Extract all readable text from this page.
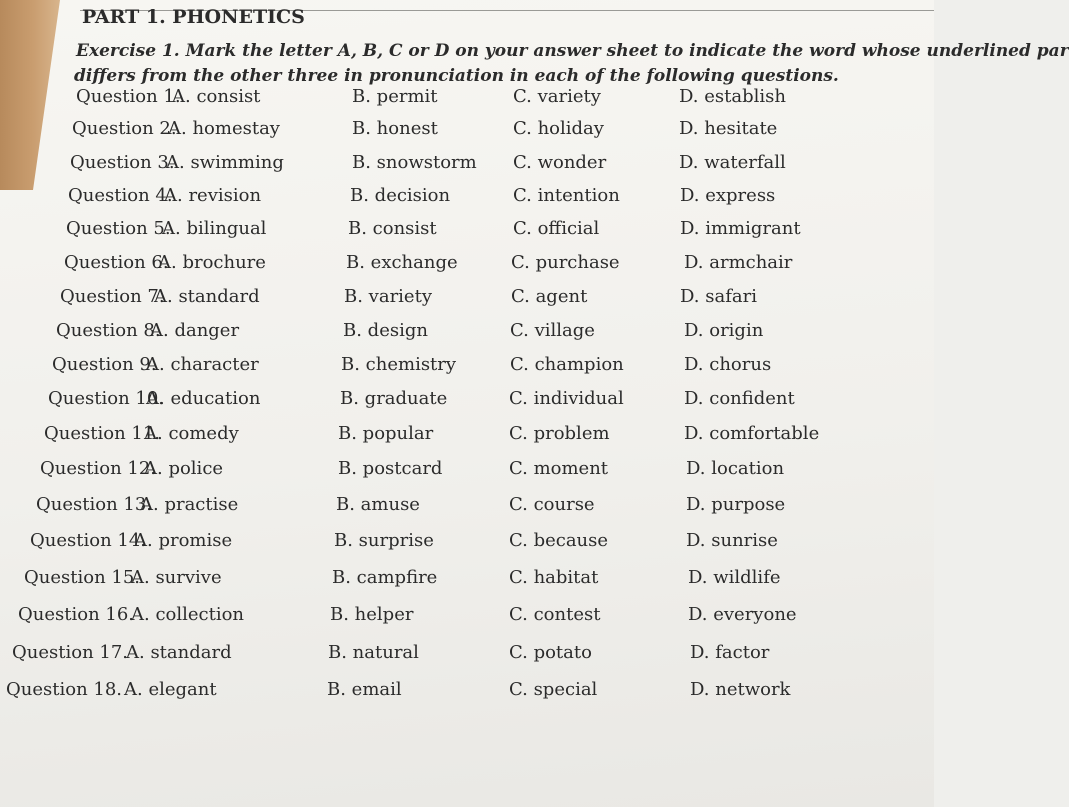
PART 1. PHONETICS
Exercise 1. Mark the letter A, B, C or D on your answer sheet to indicate the word whose underlined par
differs from the other three in pronunciation in each of the following questions.
Question 1.
A. consist	B. permit	C. variety	D. establish
Question 2.
A. homestay	B. honest	C. holiday	D. hesitate
Question 3.
A. swimming	B. snowstorm C. wonder	D. waterfall
Question 4.
A. revision	B. decision	C. intention	D. express
Question 5.
A. bilingual	B. consist	C. official	D. immigrant
Question 6.
A. brochure	B. exchange	C. purchase	D. armchair
Question 7.
A. standard	B. variety	C. agent	D. safari
Question 8.
A. danger	B. design	C. village	D. origin
Question 9.
A. character	B. chemistry	C. champion	D. chorus
Question 10.
A. education	B. graduate	C. individual	D. confident
Question 11.
A. comedy	B. popular	C. problem	D. comfortable
Question 12.
A. police	B. postcard	C. moment	D. location
Question 13.
A. practise	B. amuse	C. course	D. purpose
Question 14.
A. promise	B. surprise	C. because	D. sunrise
Question 15.
A. survive	B. campfire	C. habitat	D. wildlife
Question 16.
A. collection	B. helper	C. contest	D. everyone
Question 17.
A. standard	B. natural	C. potato	D. factor
Question 18. A. elegant	B. email	C. special	D. network
